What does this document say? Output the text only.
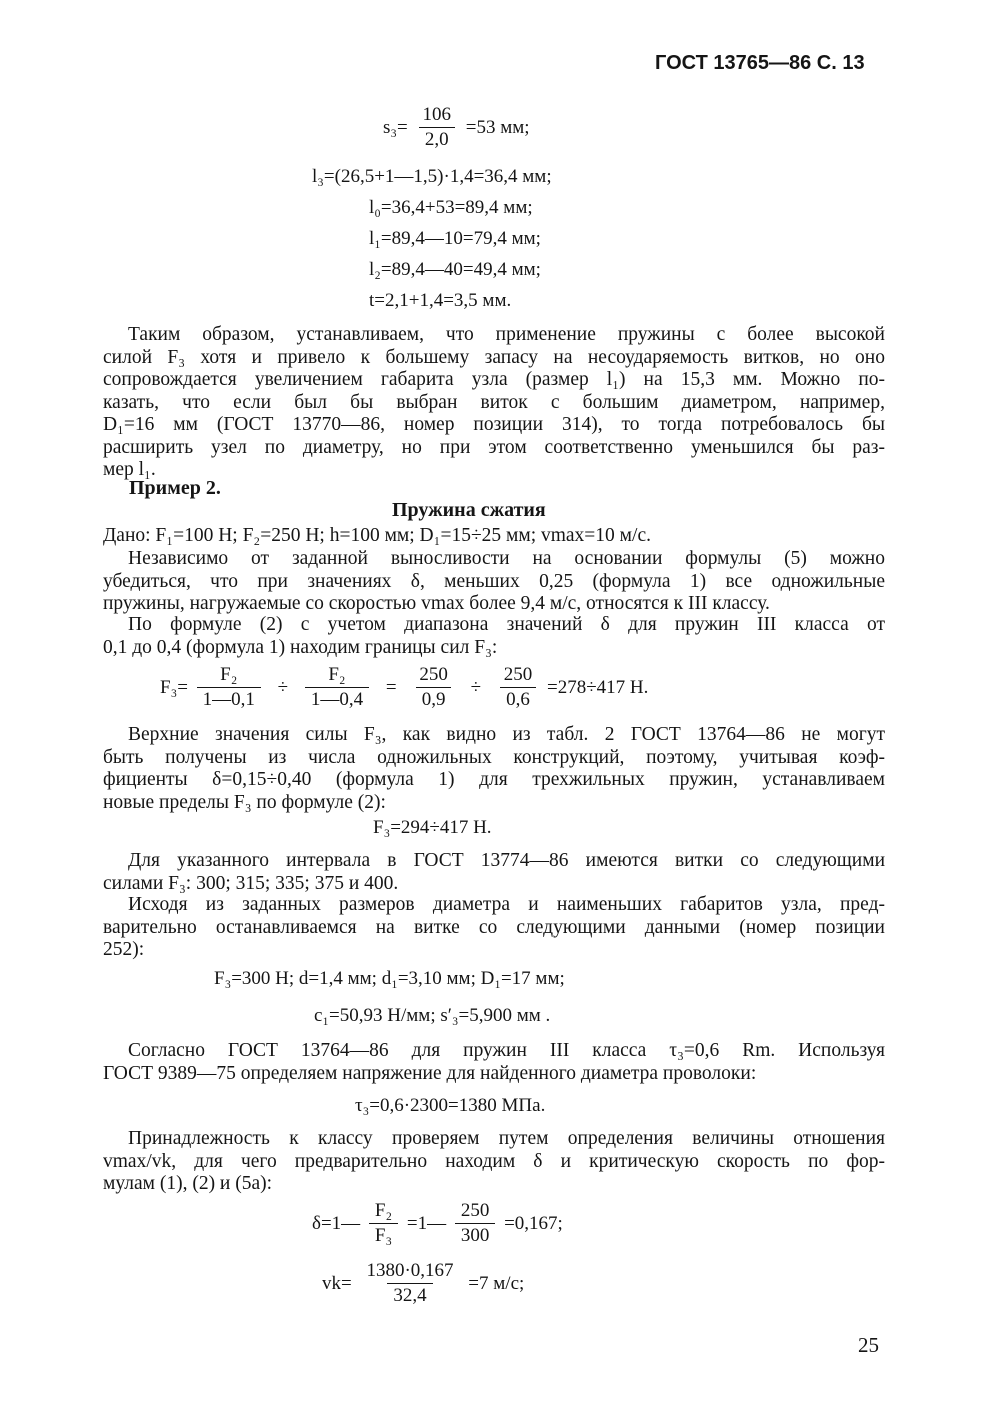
ГОСТ 13765—86 С. 13
$s_3= \frac{106}{2,0} =53$ мм;
l₃=(26,5+1—1,5)·1,4=36,4 мм;
l₀=36,4+53=89,4 мм;
l₁=89,4—10=79,4 мм;
l₂=89,4—40=49,4 мм;
t=2,1+1,4=3,5 мм.
Таким образом, устанавливаем, что применение пружины с более высокой
силой F₃ хотя и привело к большему запасу на несоударяемость витков, но оно
сопровождается увеличением габарита узла (размер l₁) на 15,3 мм. Можно по-
казать, что если был бы выбран виток с большим диаметром, например,
D₁=16 мм (ГОСТ 13770—86, номер позиции 314), то тогда потребовалось бы
расширить узел по диаметру, но при этом соответственно уменьшился бы раз-
мер l₁.
Пример 2.
Пружина сжатия
Дано: F₁=100 Н; F₂=250 Н; h=100 мм; D₁=15÷25 мм; vmax=10 м/с.
Независимо от заданной выносливости на основании формулы (5) можно
убедиться, что при значениях δ, меньших 0,25 (формула 1) все одножильные
пружины, нагружаемые со скоростью vmax более 9,4 м/с, относятся к III классу.
По формуле (2) с учетом диапазона значений δ для пружин III класса от
0,1 до 0,4 (формула 1) находим границы сил F₃:
$F_3= \frac{\text{F₂}}{1—0,1} \div \frac{\text{F₂}}{1—0,4} = \frac{250}{0,9} \div \frac{250}{0,6} =278\div 417$ Н.
Верхние значения силы F₃, как видно из табл. 2 ГОСТ 13764—86 не могут
быть получены из числа одножильных конструкций, поэтому, учитывая коэф-
фициенты δ=0,15÷0,40 (формула 1) для трехжильных пружин, устанавливаем
новые пределы F₃ по формуле (2):
F₃=294÷417 Н.
Для указанного интервала в ГОСТ 13774—86 имеются витки со следующими
силами F₃: 300; 315; 335; 375 и 400.
Исходя из заданных размеров диаметра и наименьших габаритов узла, пред-
варительно останавливаемся на витке со следующими данными (номер позиции
252):
F₃=300 Н; d=1,4 мм; d₁=3,10 мм; D₁=17 мм;
c₁=50,93 Н/мм; s′₃=5,900 мм .
Согласно ГОСТ 13764—86 для пружин III класса τ₃=0,6 Rm. Используя
ГОСТ 9389—75 определяем напряжение для найденного диаметра проволоки:
τ₃=0,6·2300=1380 МПа.
Принадлежность к классу проверяем путем определения величины отношения
vmax/vk, для чего предварительно находим δ и критическую скорость по фор-
мулам (1), (2) и (5а):
δ=1— $\frac{\text{F₂}}{\text{F₃}}$ =1— $\frac{250}{300} =0,167$;
$vk= \frac{1380\cdot 0,167}{32,4} =7$ м/с;
25
